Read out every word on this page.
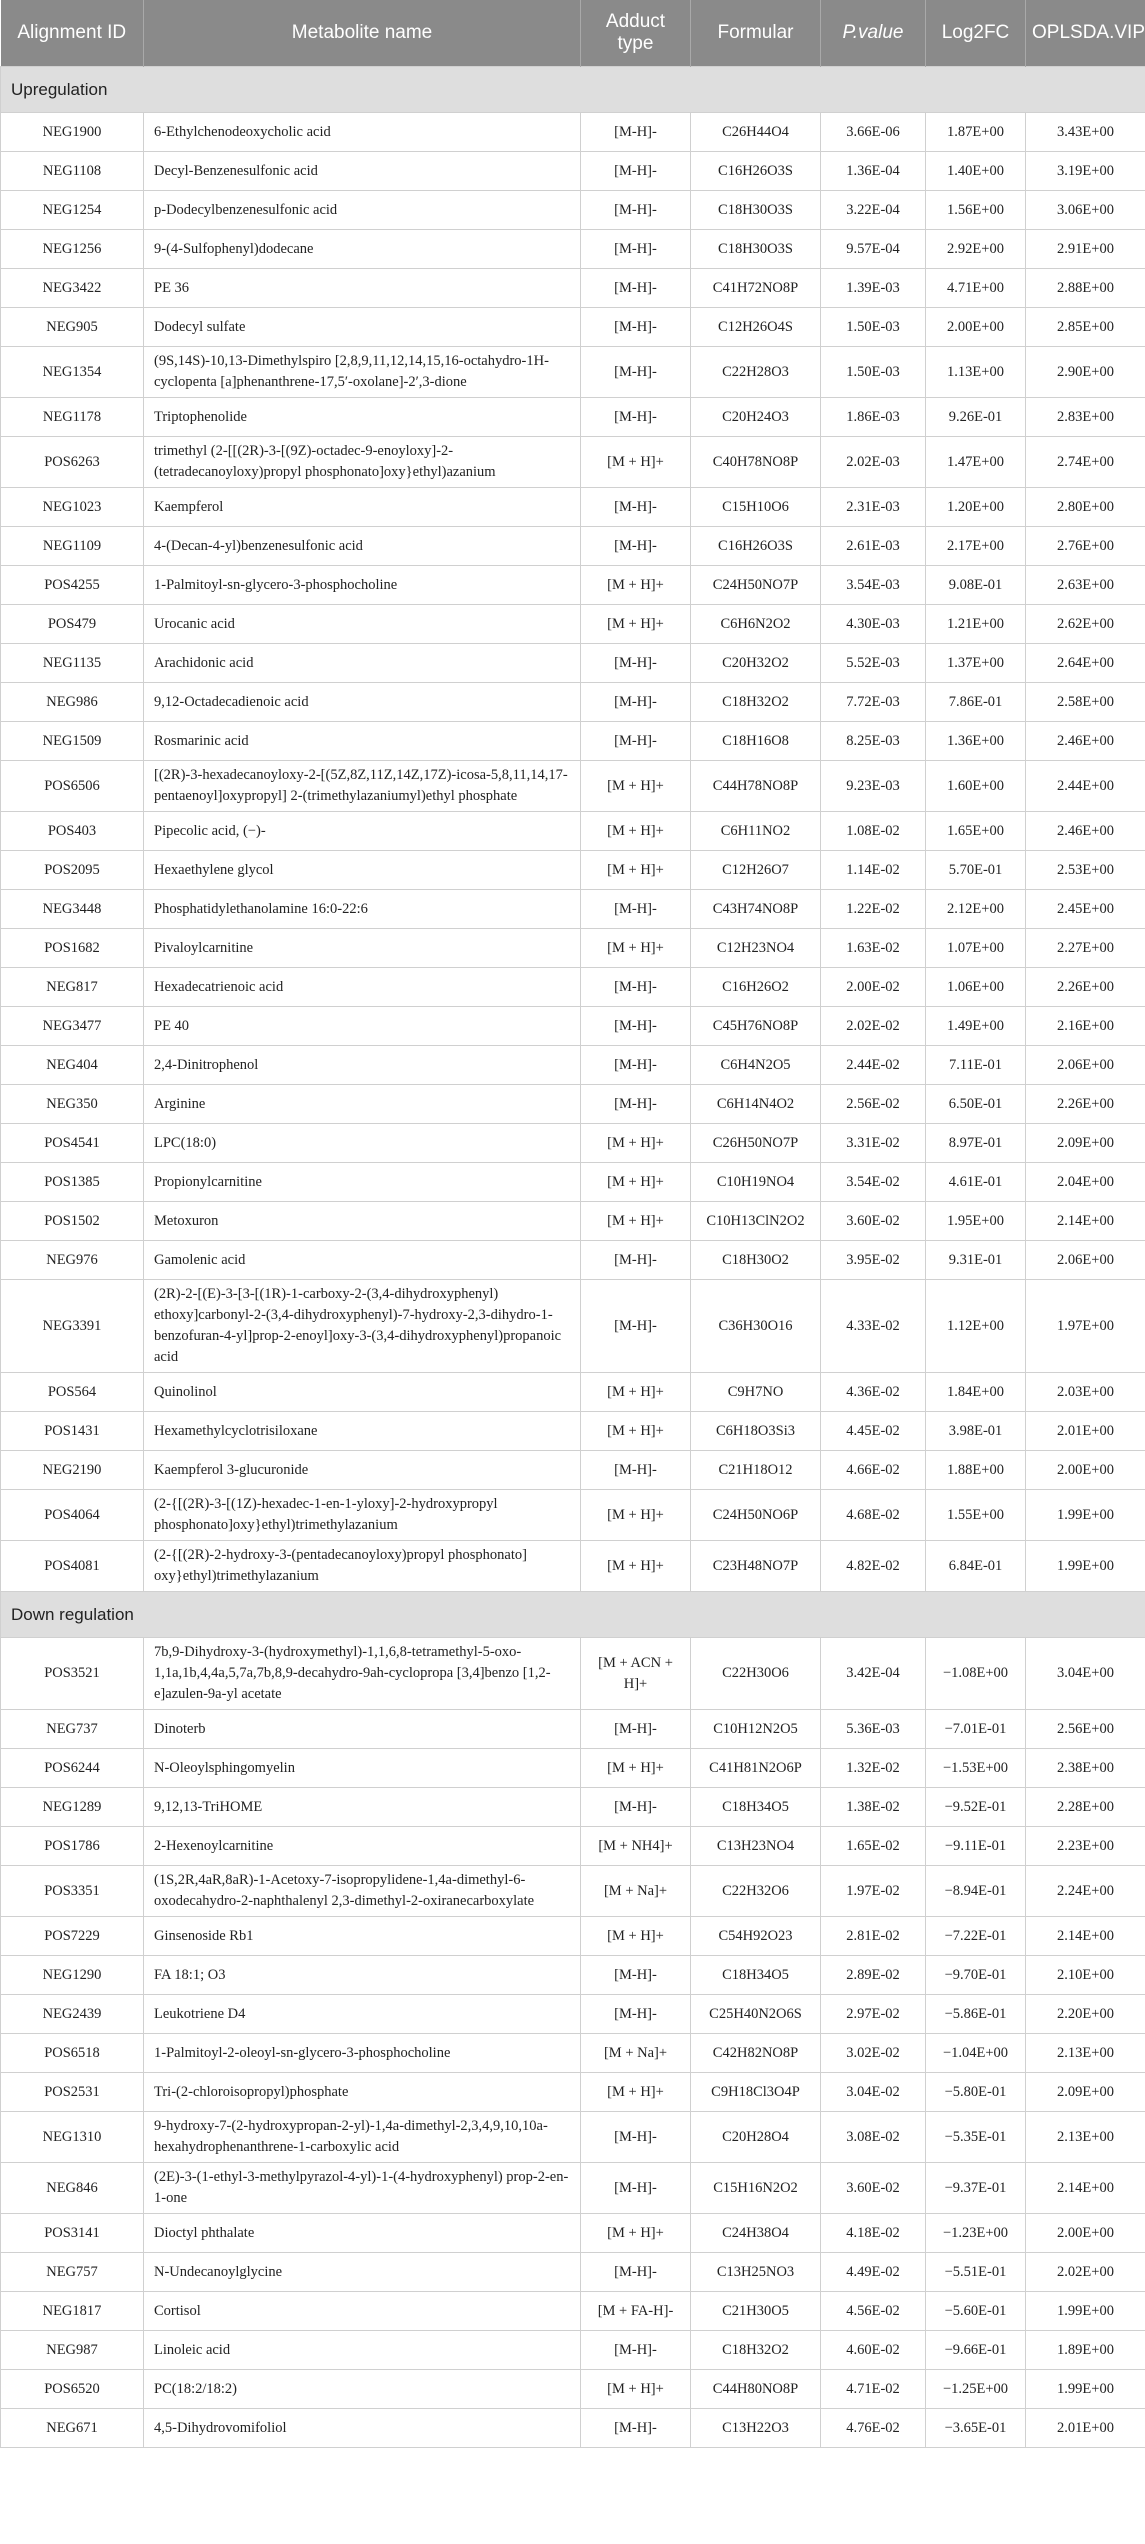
Alignment ID	Metabolite name	Adduct type	Formular	P.value	Log2FC	OPLSDA.VIP
Upregulation						
NEG1900	6-Ethylchenodeoxycholic acid	[M-H]-	C26H44O4	3.66E-06	1.87E+00	3.43E+00
NEG1108	Decyl-Benzenesulfonic acid	[M-H]-	C16H26O3S	1.36E-04	1.40E+00	3.19E+00
NEG1254	p-Dodecylbenzenesulfonic acid	[M-H]-	C18H30O3S	3.22E-04	1.56E+00	3.06E+00
NEG1256	9-(4-Sulfophenyl)dodecane	[M-H]-	C18H30O3S	9.57E-04	2.92E+00	2.91E+00
NEG3422	PE 36	[M-H]-	C41H72NO8P	1.39E-03	4.71E+00	2.88E+00
NEG905	Dodecyl sulfate	[M-H]-	C12H26O4S	1.50E-03	2.00E+00	2.85E+00
NEG1354	(9S,14S)-10,13-Dimethylspiro [2,8,9,11,12,14,15,16-octahydro-1H-cyclopenta [a]phenanthrene-17,5′-oxolane]-2′,3-dione	[M-H]-	C22H28O3	1.50E-03	1.13E+00	2.90E+00
NEG1178	Triptophenolide	[M-H]-	C20H24O3	1.86E-03	9.26E-01	2.83E+00
POS6263	trimethyl (2-[[(2R)-3-[(9Z)-octadec-9-enoyloxy]-2-(tetradecanoyloxy)propyl phosphonato]oxy}ethyl)azanium	[M + H]+	C40H78NO8P	2.02E-03	1.47E+00	2.74E+00
NEG1023	Kaempferol	[M-H]-	C15H10O6	2.31E-03	1.20E+00	2.80E+00
NEG1109	4-(Decan-4-yl)benzenesulfonic acid	[M-H]-	C16H26O3S	2.61E-03	2.17E+00	2.76E+00
POS4255	1-Palmitoyl-sn-glycero-3-phosphocholine	[M + H]+	C24H50NO7P	3.54E-03	9.08E-01	2.63E+00
POS479	Urocanic acid	[M + H]+	C6H6N2O2	4.30E-03	1.21E+00	2.62E+00
NEG1135	Arachidonic acid	[M-H]-	C20H32O2	5.52E-03	1.37E+00	2.64E+00
NEG986	9,12-Octadecadienoic acid	[M-H]-	C18H32O2	7.72E-03	7.86E-01	2.58E+00
NEG1509	Rosmarinic acid	[M-H]-	C18H16O8	8.25E-03	1.36E+00	2.46E+00
POS6506	[(2R)-3-hexadecanoyloxy-2-[(5Z,8Z,11Z,14Z,17Z)-icosa-5,8,11,14,17-pentaenoyl]oxypropyl] 2-(trimethylazaniumyl)ethyl phosphate	[M + H]+	C44H78NO8P	9.23E-03	1.60E+00	2.44E+00
POS403	Pipecolic acid, (−)-	[M + H]+	C6H11NO2	1.08E-02	1.65E+00	2.46E+00
POS2095	Hexaethylene glycol	[M + H]+	C12H26O7	1.14E-02	5.70E-01	2.53E+00
NEG3448	Phosphatidylethanolamine 16:0-22:6	[M-H]-	C43H74NO8P	1.22E-02	2.12E+00	2.45E+00
POS1682	Pivaloylcarnitine	[M + H]+	C12H23NO4	1.63E-02	1.07E+00	2.27E+00
NEG817	Hexadecatrienoic acid	[M-H]-	C16H26O2	2.00E-02	1.06E+00	2.26E+00
NEG3477	PE 40	[M-H]-	C45H76NO8P	2.02E-02	1.49E+00	2.16E+00
NEG404	2,4-Dinitrophenol	[M-H]-	C6H4N2O5	2.44E-02	7.11E-01	2.06E+00
NEG350	Arginine	[M-H]-	C6H14N4O2	2.56E-02	6.50E-01	2.26E+00
POS4541	LPC(18:0)	[M + H]+	C26H50NO7P	3.31E-02	8.97E-01	2.09E+00
POS1385	Propionylcarnitine	[M + H]+	C10H19NO4	3.54E-02	4.61E-01	2.04E+00
POS1502	Metoxuron	[M + H]+	C10H13ClN2O2	3.60E-02	1.95E+00	2.14E+00
NEG976	Gamolenic acid	[M-H]-	C18H30O2	3.95E-02	9.31E-01	2.06E+00
NEG3391	(2R)-2-[(E)-3-[3-[(1R)-1-carboxy-2-(3,4-dihydroxyphenyl) ethoxy]carbonyl-2-(3,4-dihydroxyphenyl)-7-hydroxy-2,3-dihydro-1-benzofuran-4-yl]prop-2-enoyl]oxy-3-(3,4-dihydroxyphenyl)propanoic acid	[M-H]-	C36H30O16	4.33E-02	1.12E+00	1.97E+00
POS564	Quinolinol	[M + H]+	C9H7NO	4.36E-02	1.84E+00	2.03E+00
POS1431	Hexamethylcyclotrisiloxane	[M + H]+	C6H18O3Si3	4.45E-02	3.98E-01	2.01E+00
NEG2190	Kaempferol 3-glucuronide	[M-H]-	C21H18O12	4.66E-02	1.88E+00	2.00E+00
POS4064	(2-{[(2R)-3-[(1Z)-hexadec-1-en-1-yloxy]-2-hydroxypropyl phosphonato]oxy}ethyl)trimethylazanium	[M + H]+	C24H50NO6P	4.68E-02	1.55E+00	1.99E+00
POS4081	(2-{[(2R)-2-hydroxy-3-(pentadecanoyloxy)propyl phosphonato] oxy}ethyl)trimethylazanium	[M + H]+	C23H48NO7P	4.82E-02	6.84E-01	1.99E+00
Down regulation						
POS3521	7b,9-Dihydroxy-3-(hydroxymethyl)-1,1,6,8-tetramethyl-5-oxo-1,1a,1b,4,4a,5,7a,7b,8,9-decahydro-9ah-cyclopropa [3,4]benzo [1,2-e]azulen-9a-yl acetate	[M + ACN + H]+	C22H30O6	3.42E-04	−1.08E+00	3.04E+00
NEG737	Dinoterb	[M-H]-	C10H12N2O5	5.36E-03	−7.01E-01	2.56E+00
POS6244	N-Oleoylsphingomyelin	[M + H]+	C41H81N2O6P	1.32E-02	−1.53E+00	2.38E+00
NEG1289	9,12,13-TriHOME	[M-H]-	C18H34O5	1.38E-02	−9.52E-01	2.28E+00
POS1786	2-Hexenoylcarnitine	[M + NH4]+	C13H23NO4	1.65E-02	−9.11E-01	2.23E+00
POS3351	(1S,2R,4aR,8aR)-1-Acetoxy-7-isopropylidene-1,4a-dimethyl-6-oxodecahydro-2-naphthalenyl 2,3-dimethyl-2-oxiranecarboxylate	[M + Na]+	C22H32O6	1.97E-02	−8.94E-01	2.24E+00
POS7229	Ginsenoside Rb1	[M + H]+	C54H92O23	2.81E-02	−7.22E-01	2.14E+00
NEG1290	FA 18:1; O3	[M-H]-	C18H34O5	2.89E-02	−9.70E-01	2.10E+00
NEG2439	Leukotriene D4	[M-H]-	C25H40N2O6S	2.97E-02	−5.86E-01	2.20E+00
POS6518	1-Palmitoyl-2-oleoyl-sn-glycero-3-phosphocholine	[M + Na]+	C42H82NO8P	3.02E-02	−1.04E+00	2.13E+00
POS2531	Tri-(2-chloroisopropyl)phosphate	[M + H]+	C9H18Cl3O4P	3.04E-02	−5.80E-01	2.09E+00
NEG1310	9-hydroxy-7-(2-hydroxypropan-2-yl)-1,4a-dimethyl-2,3,4,9,10,10a-hexahydrophenanthrene-1-carboxylic acid	[M-H]-	C20H28O4	3.08E-02	−5.35E-01	2.13E+00
NEG846	(2E)-3-(1-ethyl-3-methylpyrazol-4-yl)-1-(4-hydroxyphenyl) prop-2-en-1-one	[M-H]-	C15H16N2O2	3.60E-02	−9.37E-01	2.14E+00
POS3141	Dioctyl phthalate	[M + H]+	C24H38O4	4.18E-02	−1.23E+00	2.00E+00
NEG757	N-Undecanoylglycine	[M-H]-	C13H25NO3	4.49E-02	−5.51E-01	2.02E+00
NEG1817	Cortisol	[M + FA-H]-	C21H30O5	4.56E-02	−5.60E-01	1.99E+00
NEG987	Linoleic acid	[M-H]-	C18H32O2	4.60E-02	−9.66E-01	1.89E+00
POS6520	PC(18:2/18:2)	[M + H]+	C44H80NO8P	4.71E-02	−1.25E+00	1.99E+00
NEG671	4,5-Dihydrovomifoliol	[M-H]-	C13H22O3	4.76E-02	−3.65E-01	2.01E+00
